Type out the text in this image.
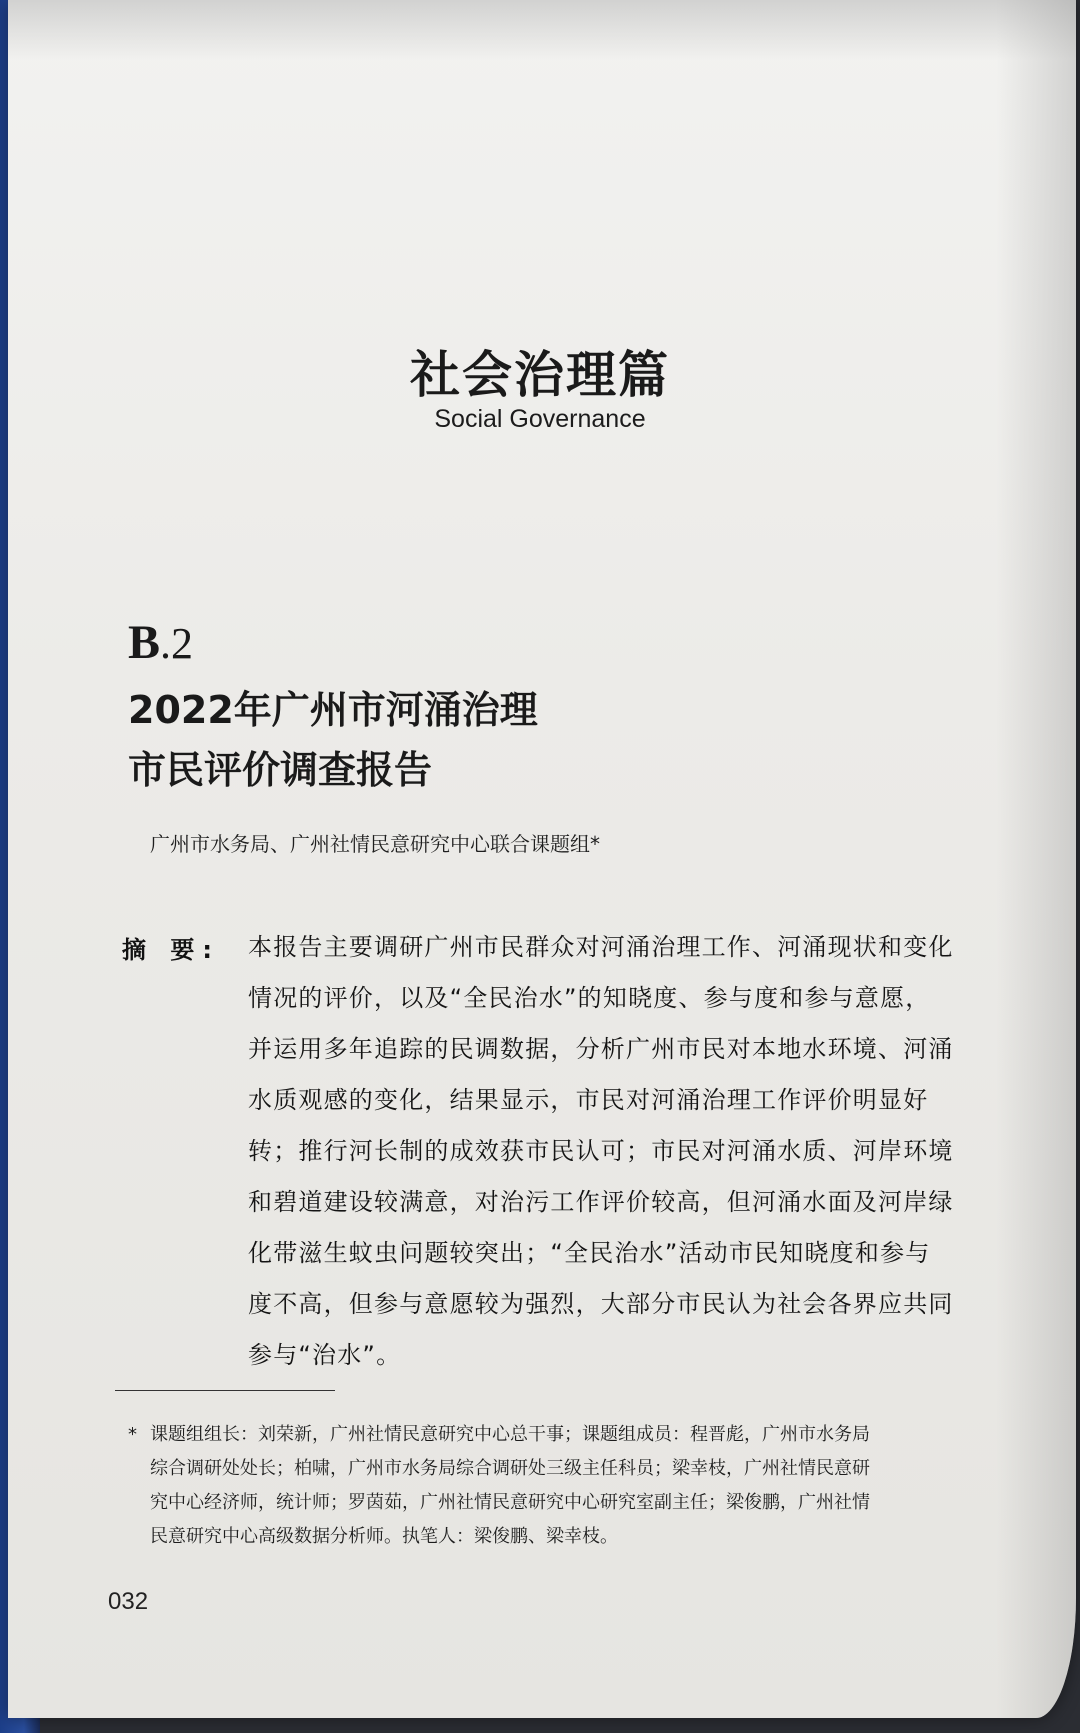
社会治理篇
Social Governance
B.2
2022年广州市河涌治理
市民评价调查报告
广州市水务局、广州社情民意研究中心联合课题组*
摘 要: 本报告主要调研广州市民群众对河涌治理工作、河涌现状和变化
情况的评价，以及“全民治水”的知晓度、参与度和参与意愿，
并运用多年追踪的民调数据，分析广州市民对本地水环境、河涌
水质观感的变化，结果显示，市民对河涌治理工作评价明显好
转；推行河长制的成效获市民认可；市民对河涌水质、河岸环境
和碧道建设较满意，对治污工作评价较高，但河涌水面及河岸绿
化带滋生蚊虫问题较突出；“全民治水”活动市民知晓度和参与
度不高，但参与意愿较为强烈，大部分市民认为社会各界应共同
参与“治水”。
* 课题组组长：刘荣新，广州社情民意研究中心总干事；课题组成员：程晋彪，广州市水务局
综合调研处处长；柏啸，广州市水务局综合调研处三级主任科员；梁幸枝，广州社情民意研
究中心经济师，统计师；罗茵茹，广州社情民意研究中心研究室副主任；梁俊鹏，广州社情
民意研究中心高级数据分析师。执笔人：梁俊鹏、梁幸枝。
032
